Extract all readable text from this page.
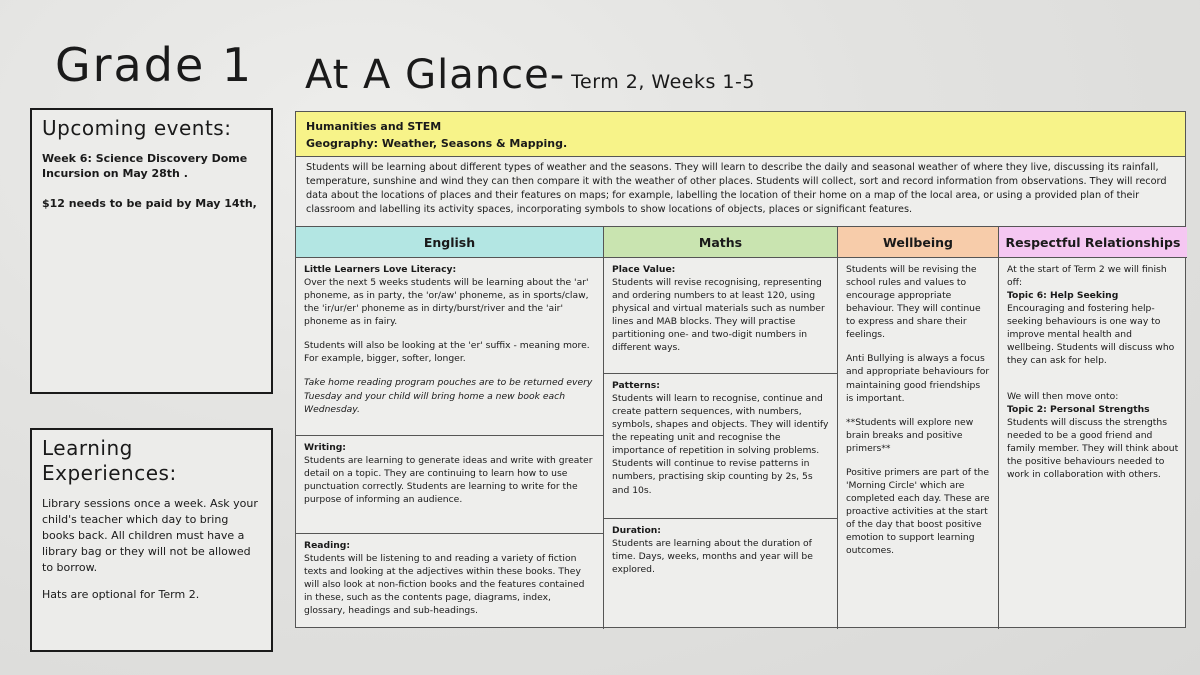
Grade 1 At A Glance- Term 2, Weeks 1-5
Upcoming events:
Week 6: Science Discovery Dome Incursion on May 28th .
$12 needs to be paid by May 14th,
Learning Experiences:
Library sessions once a week. Ask your child's teacher which day to bring books back. All children must have a library bag or they will not be allowed to borrow.
Hats are optional for Term 2.
Humanities and STEM
Geography: Weather, Seasons & Mapping.
Students will be learning about different types of weather and the seasons. They will learn to describe the daily and seasonal weather of where they live, discussing its rainfall, temperature, sunshine and wind they can then compare it with the weather of other places. Students will collect, sort and record information from observations. They will record data about the locations of places and their features on maps; for example, labelling the location of their home on a map of the local area, or using a provided plan of their classroom and labelling its activity spaces, incorporating symbols to show locations of objects, places or significant features.
English
Little Learners Love Literacy:
Over the next 5 weeks students will be learning about the 'ar' phoneme, as in party, the 'or/aw' phoneme, as in sports/claw, the 'ir/ur/er' phoneme as in dirty/burst/river and the 'air' phoneme as in fairy.
Students will also be looking at the 'er' suffix - meaning more. For example, bigger, softer, longer.
Take home reading program pouches are to be returned every Tuesday and your child will bring home a new book each Wednesday.
Writing:
Students are learning to generate ideas and write with greater detail on a topic. They are continuing to learn how to use punctuation correctly. Students are learning to write for the purpose of informing an audience.
Reading:
Students will be listening to and reading a variety of fiction texts and looking at the adjectives within these books. They will also look at non-fiction books and the features contained in these, such as the contents page, diagrams, index, glossary, headings and sub-headings.
Maths
Place Value:
Students will revise recognising, representing and ordering numbers to at least 120, using physical and virtual materials such as number lines and MAB blocks. They will practise partitioning one- and two-digit numbers in different ways.
Patterns:
Students will learn to recognise, continue and create pattern sequences, with numbers, symbols, shapes and objects. They will identify the repeating unit and recognise the importance of repetition in solving problems. Students will continue to revise patterns in numbers, practising skip counting by 2s, 5s and 10s.
Duration:
Students are learning about the duration of time. Days, weeks, months and year will be explored.
Wellbeing
Students will be revising the school rules and values to encourage appropriate behaviour. They will continue to express and share their feelings.
Anti Bullying is always a focus and appropriate behaviours for maintaining good friendships is important.
**Students will explore new brain breaks and positive primers**
Positive primers are part of the 'Morning Circle' which are completed each day. These are proactive activities at the start of the day that boost positive emotion to support learning outcomes.
Respectful Relationships
At the start of Term 2 we will finish off:
Topic 6: Help Seeking
Encouraging and fostering help-seeking behaviours is one way to improve mental health and wellbeing. Students will discuss who they can ask for help.
We will then move onto:
Topic 2: Personal Strengths
Students will discuss the strengths needed to be a good friend and family member. They will think about the positive behaviours needed to work in collaboration with others.
